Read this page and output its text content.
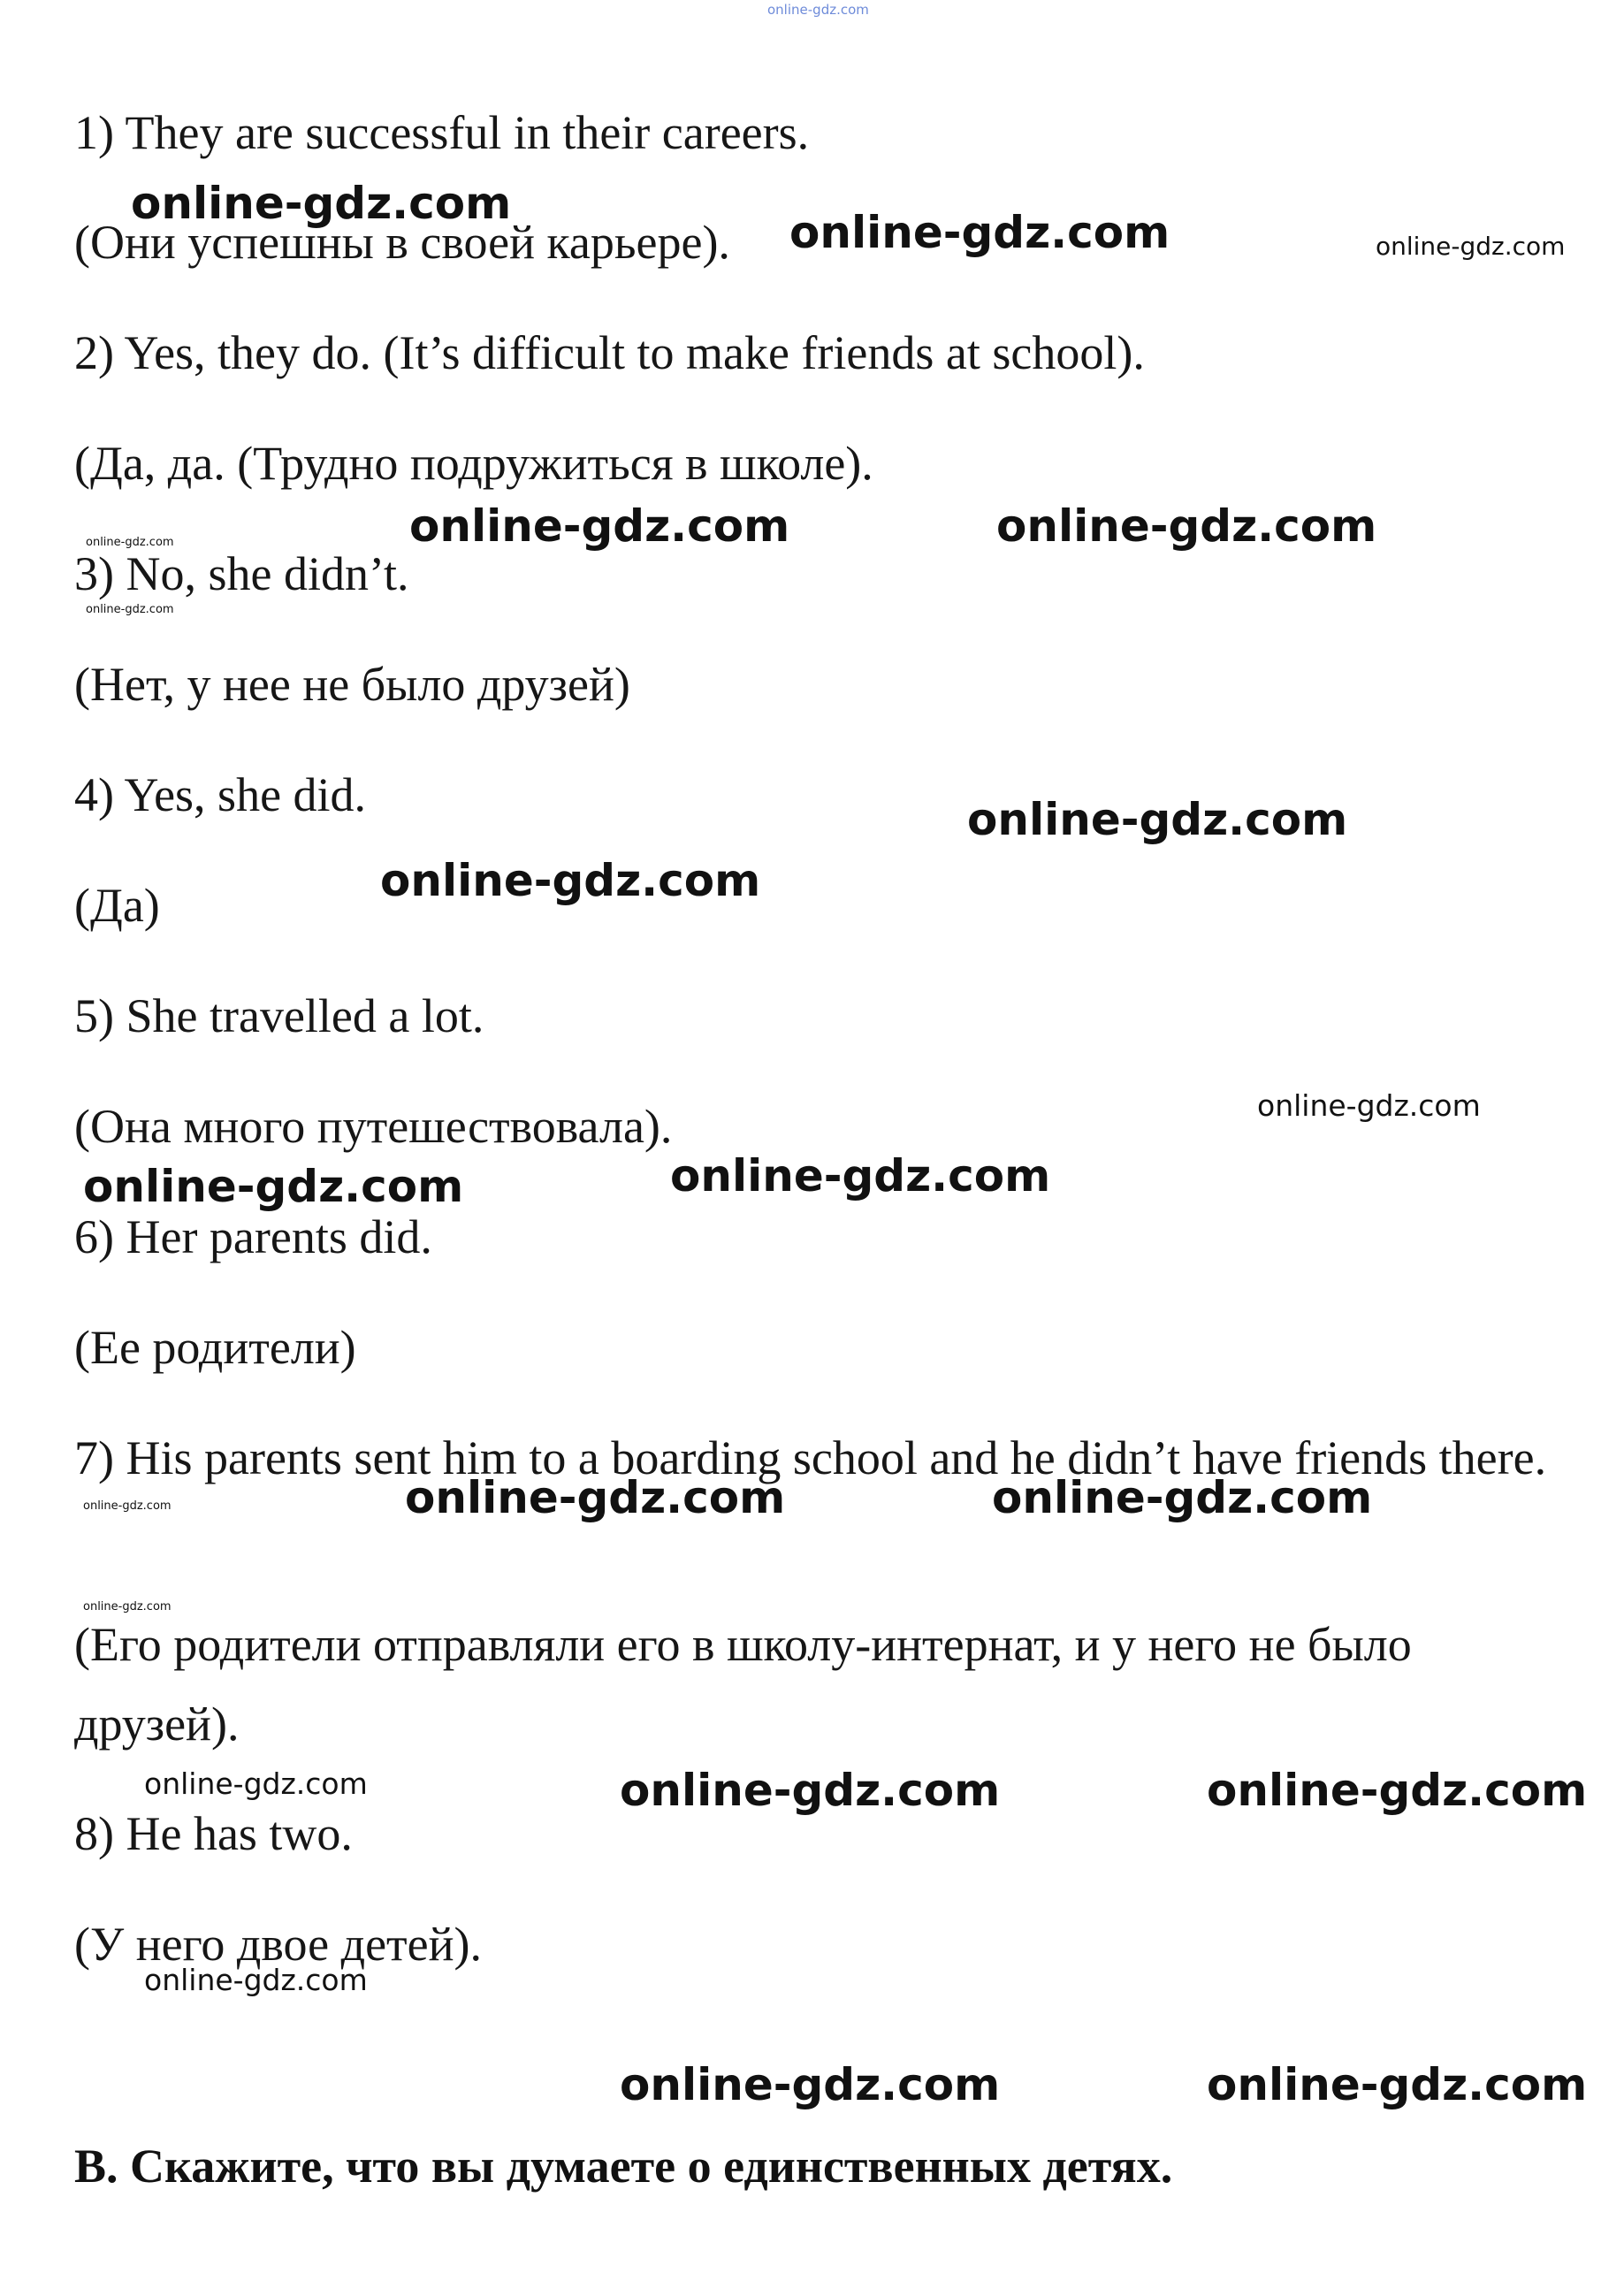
online-gdz.com
1) They are successful in their careers.
(Они успешны в своей карьере).
2) Yes, they do. (It’s difficult to make friends at school).
(Да, да. (Трудно подружиться в школе).
3) No, she didn’t.
(Нет, у нее не было друзей)
4) Yes, she did.
(Да)
5) She travelled a lot.
(Она много путешествовала).
6) Her parents did.
(Ее родители)
7) His parents sent him to a boarding school and he didn’t have friends there.
(Его родители отправляли его в школу-интернат, и у него не было друзей).
8) He has two.
(У него двое детей).
B. Скажите, что вы думаете о единственных детях.
online-gdz.com
online-gdz.com	online-gdz.com
online-gdz.com	online-gdz.com
online-gdz.com
online-gdz.com
online-gdz.com
online-gdz.com
online-gdz.com
online-gdz.com	online-gdz.com
online-gdz.com	online-gdz.com
online-gdz.com
online-gdz.com
online-gdz.com	online-gdz.com	online-gdz.com
online-gdz.com
online-gdz.com	online-gdz.com
